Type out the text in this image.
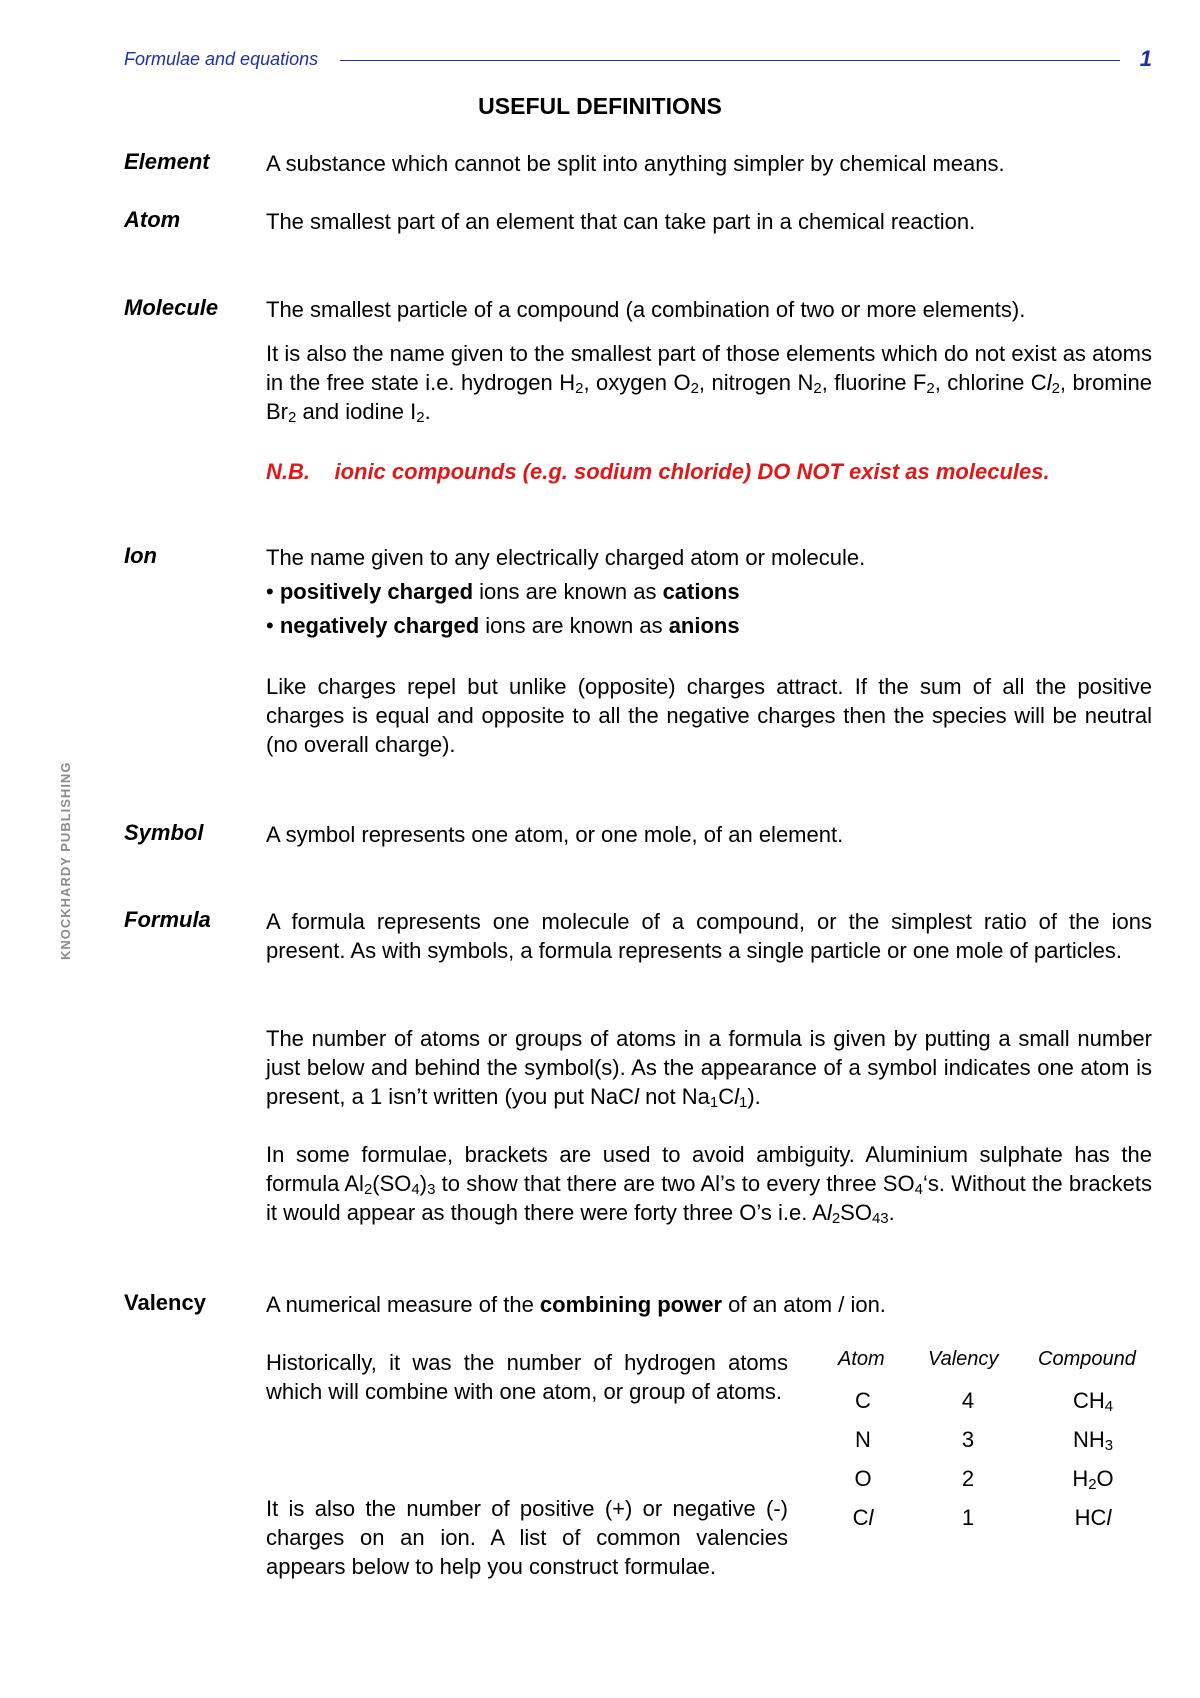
Formulae and equations	1
KNOCKHARDY PUBLISHING
USEFUL DEFINITIONS
Element	A substance which cannot be split into anything simpler by chemical means.
Atom	The smallest part of an element that can take part in a chemical reaction.
Molecule The smallest particle of a compound (a combination of two or more elements).
It is also the name given to the smallest part of those elements which do not exist as atoms in the free state i.e. hydrogen $H_2$, oxygen $O_2$, nitrogen $N_2$, fluorine $F_2$, chlorine $Cl_2$, bromine $Br_2$ and iodine $I_2$.
N.B. ionic compounds (e.g. sodium chloride) DO NOT exist as molecules.
Ion	The name given to any electrically charged atom or molecule.
• positively charged ions are known as cations
• negatively charged ions are known as anions
Like charges repel but unlike (opposite) charges attract. If the sum of all the positive charges is equal and opposite to all the negative charges then the species will be neutral (no overall charge).
Symbol	A symbol represents one atom, or one mole, of an element.
Formula	A formula represents one molecule of a compound, or the simplest ratio of the ions present. As with symbols, a formula represents a single particle or one mole of particles.
The number of atoms or groups of atoms in a formula is given by putting a small number just below and behind the symbol(s). As the appearance of a symbol indicates one atom is present, a 1 isn’t written (you put NaCl not $Na_1Cl_1$).
In some formulae, brackets are used to avoid ambiguity. Aluminium sulphate has the formula $Al_2(SO_4)_3$ to show that there are two Al’s to every three $SO_4‘s$. Without the brackets it would appear as though there were forty three O’s i.e. $Al_2SO_{43}$.
Valency	A numerical measure of the combining power of an atom / ion.
Historically, it was the number of hydrogen atoms which will combine with one atom, or group of atoms.
It is also the number of positive (+) or negative (-) charges on an ion. A list of common valencies appears below to help you construct formulae.
Atom Valency Compound
C	4	$CH_4$
N	3	$NH_3$
O	2	$H_2O$
Cl	1	HCl
